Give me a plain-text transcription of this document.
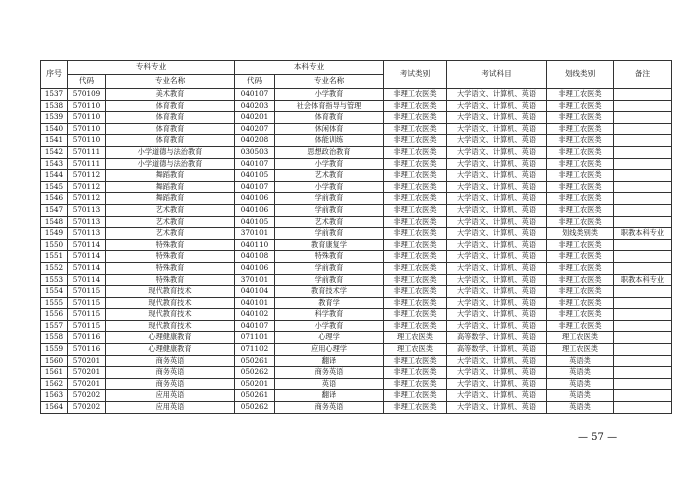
序号	专科专业		本科专业		考试类别	考试科目	划线类别	备注
	代码	专业名称	代码	专业名称				
1537	570109	美术教育	040107	小学教育	非理工农医类	大学语文、计算机、英语	非理工农医类	
1538	570110	体育教育	040203	社会体育指导与管理	非理工农医类	大学语文、计算机、英语	非理工农医类	
1539	570110	体育教育	040201	体育教育	非理工农医类	大学语文、计算机、英语	非理工农医类	
1540	570110	体育教育	040207	休闲体育	非理工农医类	大学语文、计算机、英语	非理工农医类	
1541	570110	体育教育	040208	体能训练	非理工农医类	大学语文、计算机、英语	非理工农医类	
1542	570111	小学道德与法治教育	030503	思想政治教育	非理工农医类	大学语文、计算机、英语	非理工农医类	
1543	570111	小学道德与法治教育	040107	小学教育	非理工农医类	大学语文、计算机、英语	非理工农医类	
1544	570112	舞蹈教育	040105	艺术教育	非理工农医类	大学语文、计算机、英语	非理工农医类	
1545	570112	舞蹈教育	040107	小学教育	非理工农医类	大学语文、计算机、英语	非理工农医类	
1546	570112	舞蹈教育	040106	学前教育	非理工农医类	大学语文、计算机、英语	非理工农医类	
1547	570113	艺术教育	040106	学前教育	非理工农医类	大学语文、计算机、英语	非理工农医类	
1548	570113	艺术教育	040105	艺术教育	非理工农医类	大学语文、计算机、英语	非理工农医类	
1549	570113	艺术教育	370101	学前教育	非理工农医类	大学语文、计算机、英语	划线类别类	职教本科专业
1550	570114	特殊教育	040110	教育康复学	非理工农医类	大学语文、计算机、英语	非理工农医类	
1551	570114	特殊教育	040108	特殊教育	非理工农医类	大学语文、计算机、英语	非理工农医类	
1552	570114	特殊教育	040106	学前教育	非理工农医类	大学语文、计算机、英语	非理工农医类	
1553	570114	特殊教育	370101	学前教育	非理工农医类	大学语文、计算机、英语	非理工农医类	职教本科专业
1554	570115	现代教育技术	040104	教育技术学	非理工农医类	大学语文、计算机、英语	非理工农医类	
1555	570115	现代教育技术	040101	教育学	非理工农医类	大学语文、计算机、英语	非理工农医类	
1556	570115	现代教育技术	040102	科学教育	非理工农医类	大学语文、计算机、英语	非理工农医类	
1557	570115	现代教育技术	040107	小学教育	非理工农医类	大学语文、计算机、英语	非理工农医类	
1558	570116	心理健康教育	071101	心理学	理工农医类	高等数学、计算机、英语	理工农医类	
1559	570116	心理健康教育	071102	应用心理学	理工农医类	高等数学、计算机、英语	理工农医类	
1560	570201	商务英语	050261	翻译	非理工农医类	大学语文、计算机、英语	英语类	
1561	570201	商务英语	050262	商务英语	非理工农医类	大学语文、计算机、英语	英语类	
1562	570201	商务英语	050201	英语	非理工农医类	大学语文、计算机、英语	英语类	
1563	570202	应用英语	050261	翻译	非理工农医类	大学语文、计算机、英语	英语类	
1564	570202	应用英语	050262	商务英语	非理工农医类	大学语文、计算机、英语	英语类	
— 57 —
